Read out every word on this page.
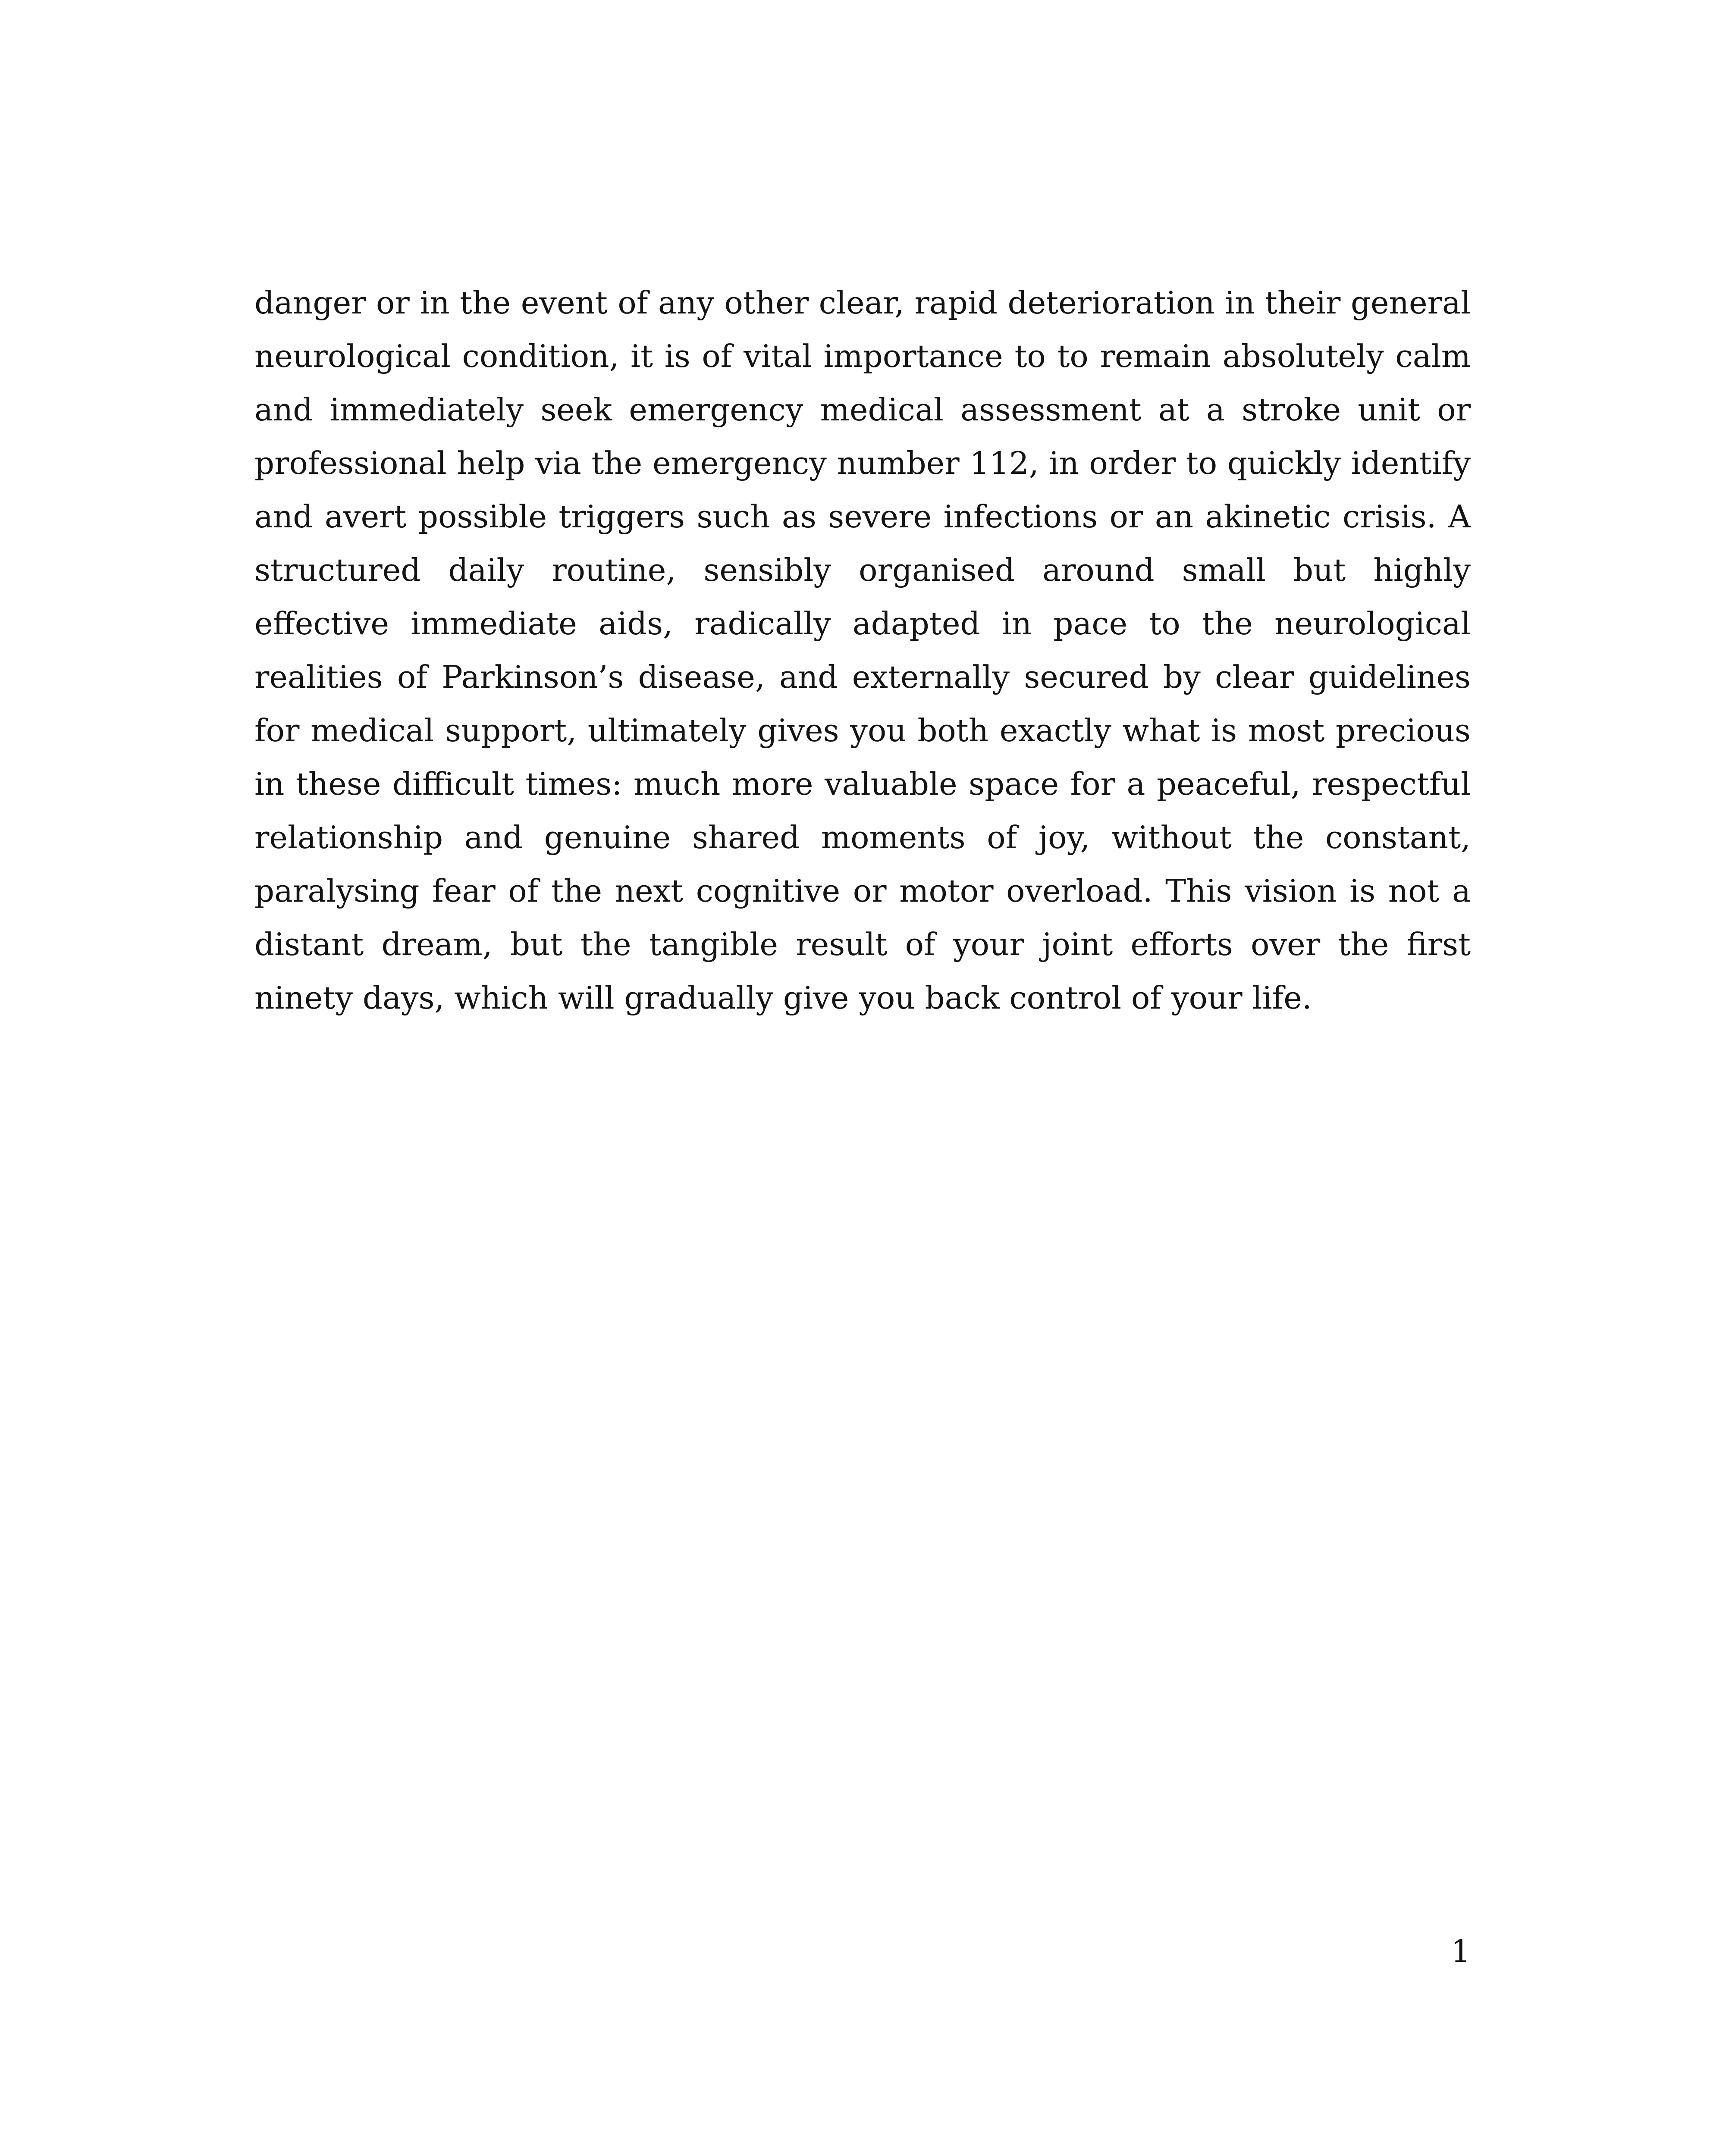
danger or in the event of any other clear, rapid deterioration in their general neurological condition, it is of vital importance to to remain absolutely calm and immediately seek emergency medical assessment at a stroke unit or professional help via the emergency number 112, in order to quickly identify and avert possible triggers such as severe infections or an akinetic crisis. A structured daily routine, sensibly organised around small but highly effective immediate aids, radically adapted in pace to the neurological realities of Parkinson’s disease, and externally secured by clear guidelines for medical support, ultimately gives you both exactly what is most precious in these difficult times: much more valuable space for a peaceful, respectful relationship and genuine shared moments of joy, without the constant, paralysing fear of the next cognitive or motor overload. This vision is not a distant dream, but the tangible result of your joint efforts over the first ninety days, which will gradually give you back control of your life.

1
